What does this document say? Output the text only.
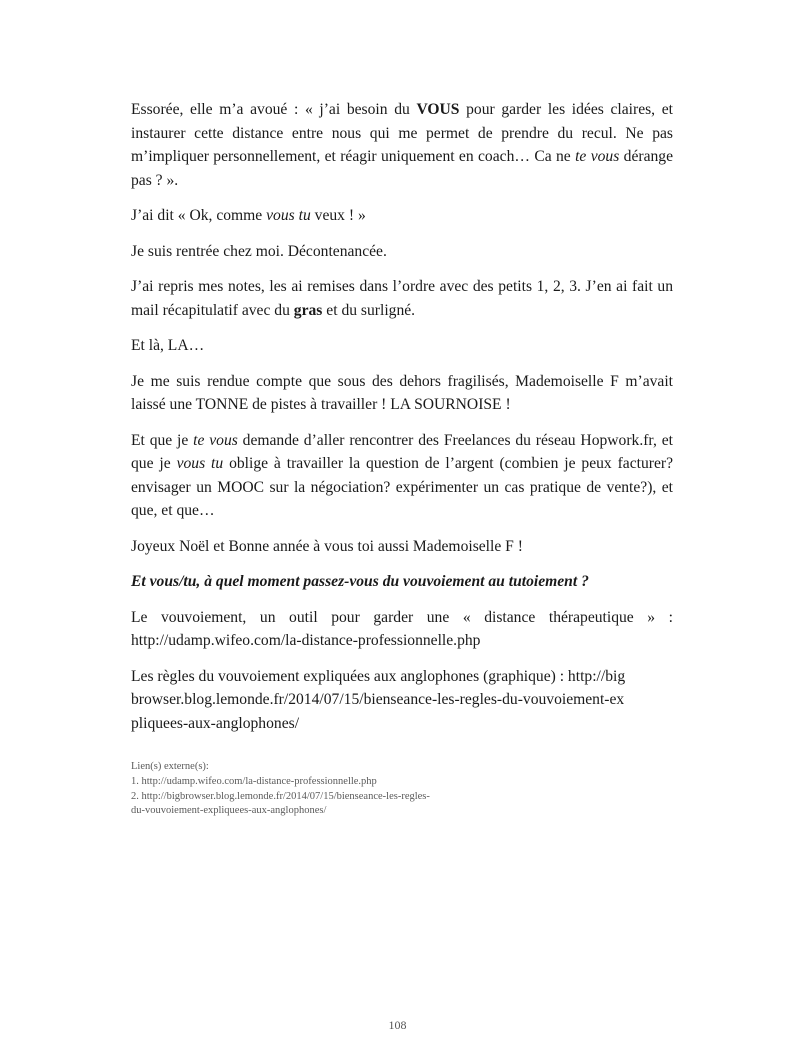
Essorée, elle m’a avoué : « j’ai besoin du VOUS pour garder les idées claires, et instaurer cette distance entre nous qui me permet de prendre du recul. Ne pas m’impliquer personnellement, et réagir uniquement en coach… Ca ne te vous dérange pas ? ».

J’ai dit « Ok, comme vous tu veux ! »

Je suis rentrée chez moi. Décontenancée.

J’ai repris mes notes, les ai remises dans l’ordre avec des petits 1, 2, 3. J’en ai fait un mail récapitulatif avec du gras et du surligné.

Et là, LA…

Je me suis rendue compte que sous des dehors fragilisés, Mademoiselle F m’avait laissé une TONNE de pistes à travailler ! LA SOURNOISE !

Et que je te vous demande d’aller rencontrer des Freelances du réseau Hopwork.fr, et que je vous tu oblige à travailler la question de l’argent (combien je peux facturer? envisager un MOOC sur la négociation? expérimenter un cas pratique de vente?), et que, et que…

Joyeux Noël et Bonne année à vous toi aussi Mademoiselle F !

Et vous/tu, à quel moment passez-vous du vouvoiement au tutoiement ?

Le vouvoiement, un outil pour garder une « distance thérapeutique » : http://udamp.wifeo.com/la-distance-professionnelle.php

Les règles du vouvoiement expliquées aux anglophones (graphique) : http://big
browser.blog.lemonde.fr/2014/07/15/bienseance-les-regles-du-vouvoiement-ex
pliquees-aux-anglophones/

Lien(s) externe(s):
1. http://udamp.wifeo.com/la-distance-professionnelle.php
2. http://bigbrowser.blog.lemonde.fr/2014/07/15/bienseance-les-regles-
du-vouvoiement-expliquees-aux-anglophones/
108
